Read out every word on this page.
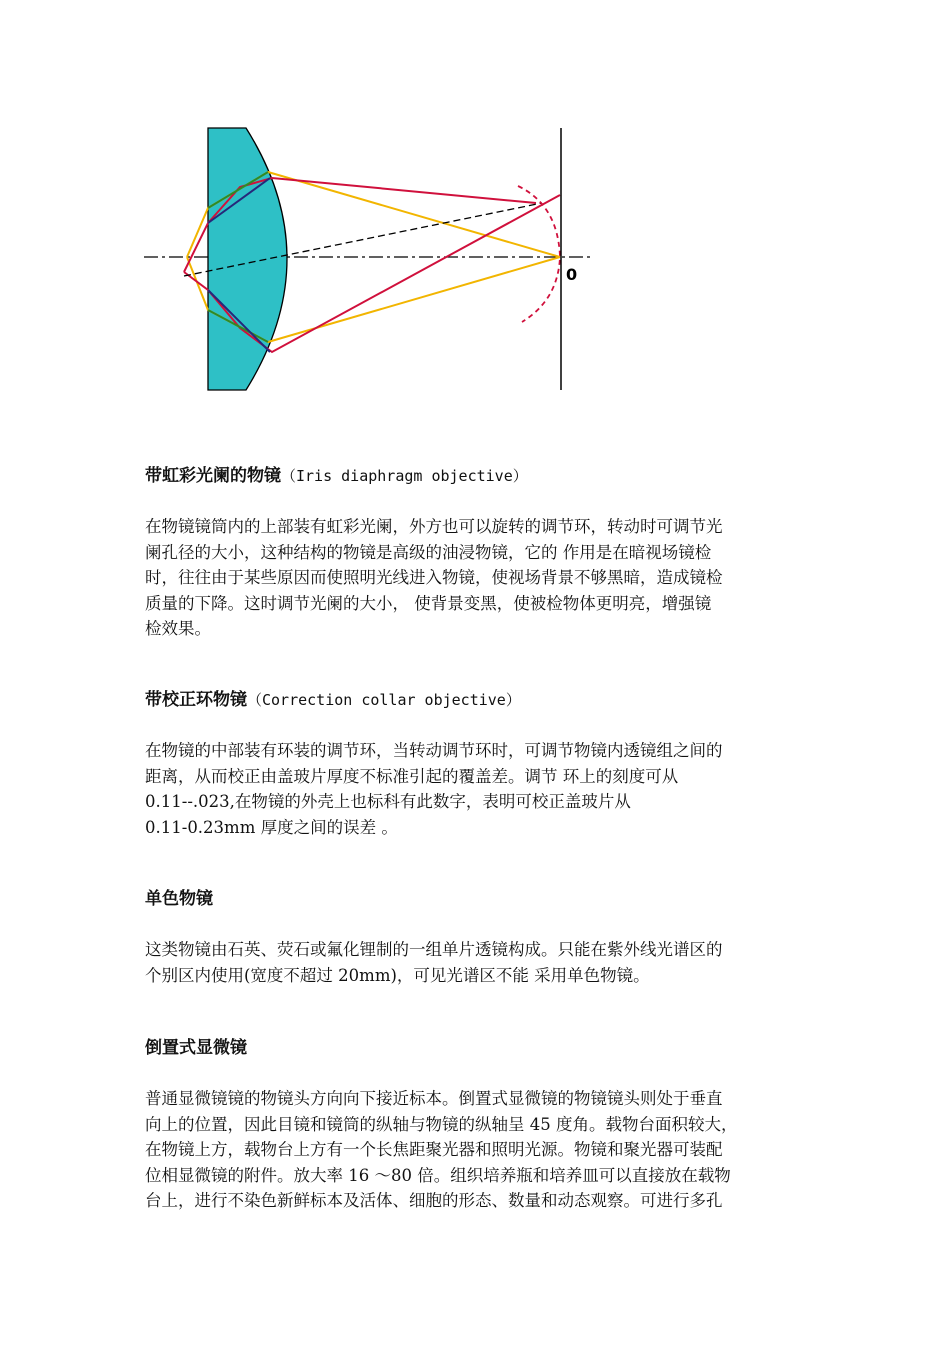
0

带虹彩光阑的物镜（Iris diaphragm objective）

在物镜镜筒内的上部装有虹彩光阑，外方也可以旋转的调节环，转动时可调节光
阑孔径的大小，这种结构的物镜是高级的油浸物镜，它的 作用是在暗视场镜检
时，往往由于某些原因而使照明光线进入物镜，使视场背景不够黑暗，造成镜检
质量的下降。这时调节光阑的大小， 使背景变黑，使被检物体更明亮，增强镜
检效果。

带校正环物镜（Correction collar objective）

在物镜的中部装有环装的调节环，当转动调节环时，可调节物镜内透镜组之间的
距离，从而校正由盖玻片厚度不标准引起的覆盖差。调节 环上的刻度可从
0.11--.023,在物镜的外壳上也标科有此数字，表明可校正盖玻片从
0.11-0.23mm 厚度之间的误差 。

单色物镜

这类物镜由石英、荧石或氟化锂制的一组单片透镜构成。只能在紫外线光谱区的
个别区内使用(宽度不超过 20mm)，可见光谱区不能 采用单色物镜。

倒置式显微镜

普通显微镜镜的物镜头方向向下接近标本。倒置式显微镜的物镜镜头则处于垂直
向上的位置，因此目镜和镜筒的纵轴与物镜的纵轴呈 45 度角。载物台面积较大，
在物镜上方，载物台上方有一个长焦距聚光器和照明光源。物镜和聚光器可装配
位相显微镜的附件。放大率 16 ～80 倍。组织培养瓶和培养皿可以直接放在载物
台上，进行不染色新鲜标本及活体、细胞的形态、数量和动态观察。可进行多孔
